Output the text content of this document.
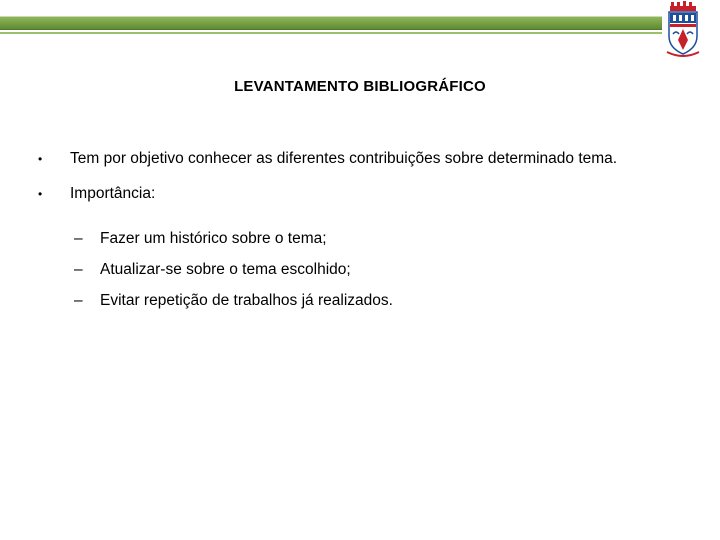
LEVANTAMENTO BIBLIOGRÁFICO
• Tem por objetivo conhecer as diferentes contribuições sobre determinado tema.
• Importância:
– Fazer um histórico sobre o tema;
– Atualizar-se sobre o tema escolhido;
– Evitar repetição de trabalhos já realizados.
